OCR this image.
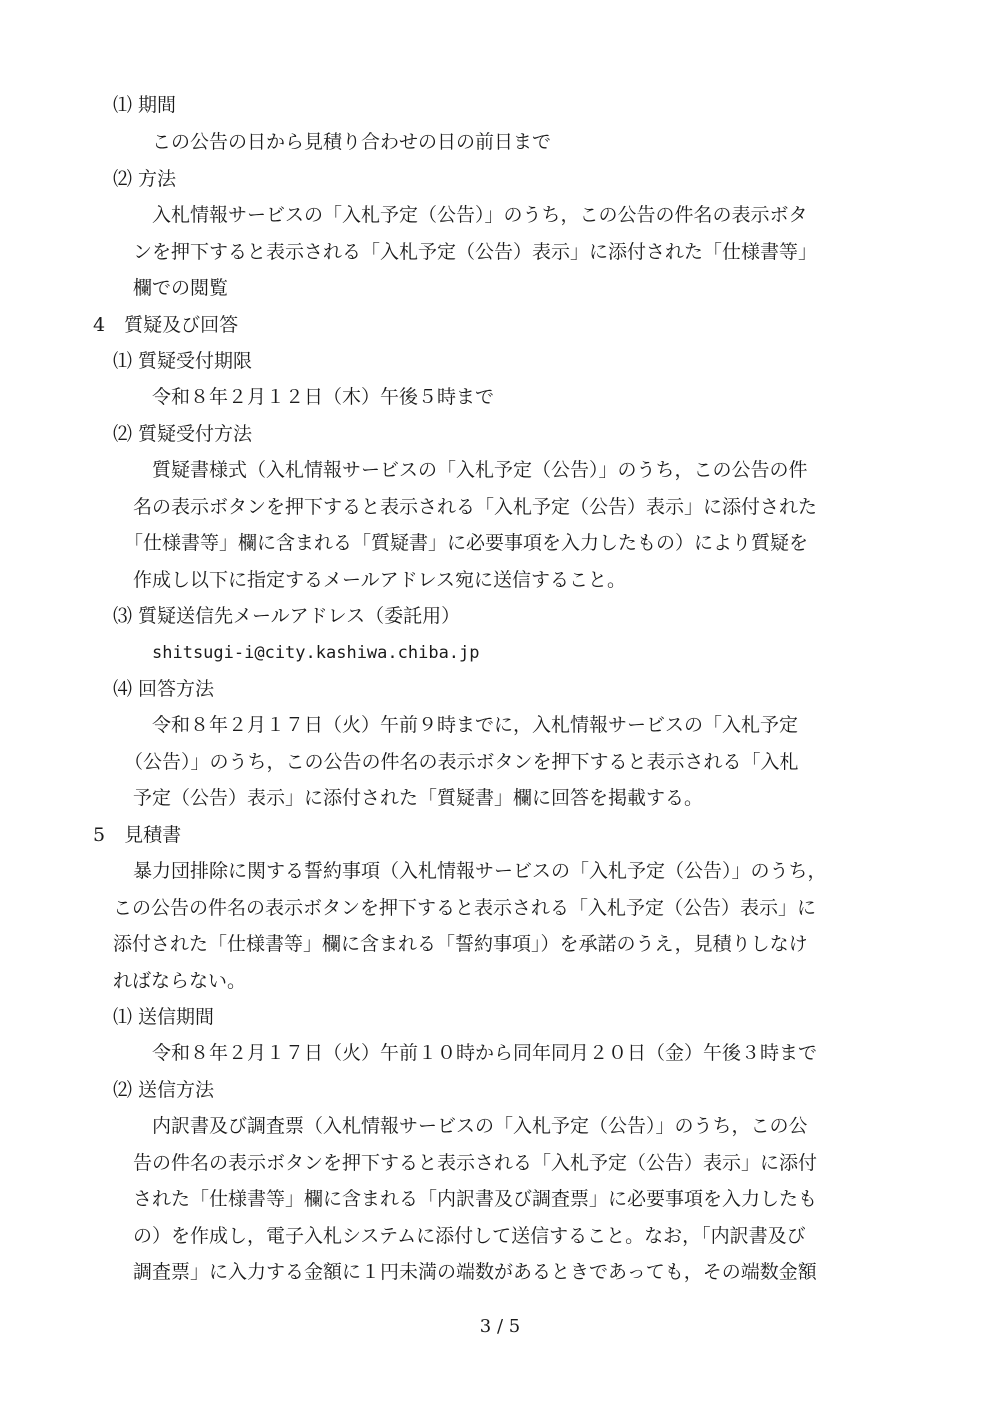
⑴ 期間
この公告の日から見積り合わせの日の前日まで
⑵ 方法
入札情報サービスの「入札予定（公告）」のうち，この公告の件名の表示ボタ
ンを押下すると表示される「入札予定（公告）表示」に添付された「仕様書等」
欄での閲覧
4　質疑及び回答
⑴ 質疑受付期限
令和８年２月１２日（木）午後５時まで
⑵ 質疑受付方法
質疑書様式（入札情報サービスの「入札予定（公告）」のうち，この公告の件
名の表示ボタンを押下すると表示される「入札予定（公告）表示」に添付された
「仕様書等」欄に含まれる「質疑書」に必要事項を入力したもの）により質疑を
作成し以下に指定するメールアドレス宛に送信すること。
⑶ 質疑送信先メールアドレス（委託用）
shitsugi-i@city.kashiwa.chiba.jp
⑷ 回答方法
令和８年２月１７日（火）午前９時までに，入札情報サービスの「入札予定
（公告）」のうち，この公告の件名の表示ボタンを押下すると表示される「入札
予定（公告）表示」に添付された「質疑書」欄に回答を掲載する。
5　見積書
暴力団排除に関する誓約事項（入札情報サービスの「入札予定（公告）」のうち，
この公告の件名の表示ボタンを押下すると表示される「入札予定（公告）表示」に
添付された「仕様書等」欄に含まれる「誓約事項」）を承諾のうえ，見積りしなけ
ればならない。
⑴ 送信期間
令和８年２月１７日（火）午前１０時から同年同月２０日（金）午後３時まで
⑵ 送信方法
内訳書及び調査票（入札情報サービスの「入札予定（公告）」のうち，この公
告の件名の表示ボタンを押下すると表示される「入札予定（公告）表示」に添付
された「仕様書等」欄に含まれる「内訳書及び調査票」に必要事項を入力したも
の）を作成し，電子入札システムに添付して送信すること。なお，「内訳書及び
調査票」に入力する金額に１円未満の端数があるときであっても，その端数金額
3 / 5
